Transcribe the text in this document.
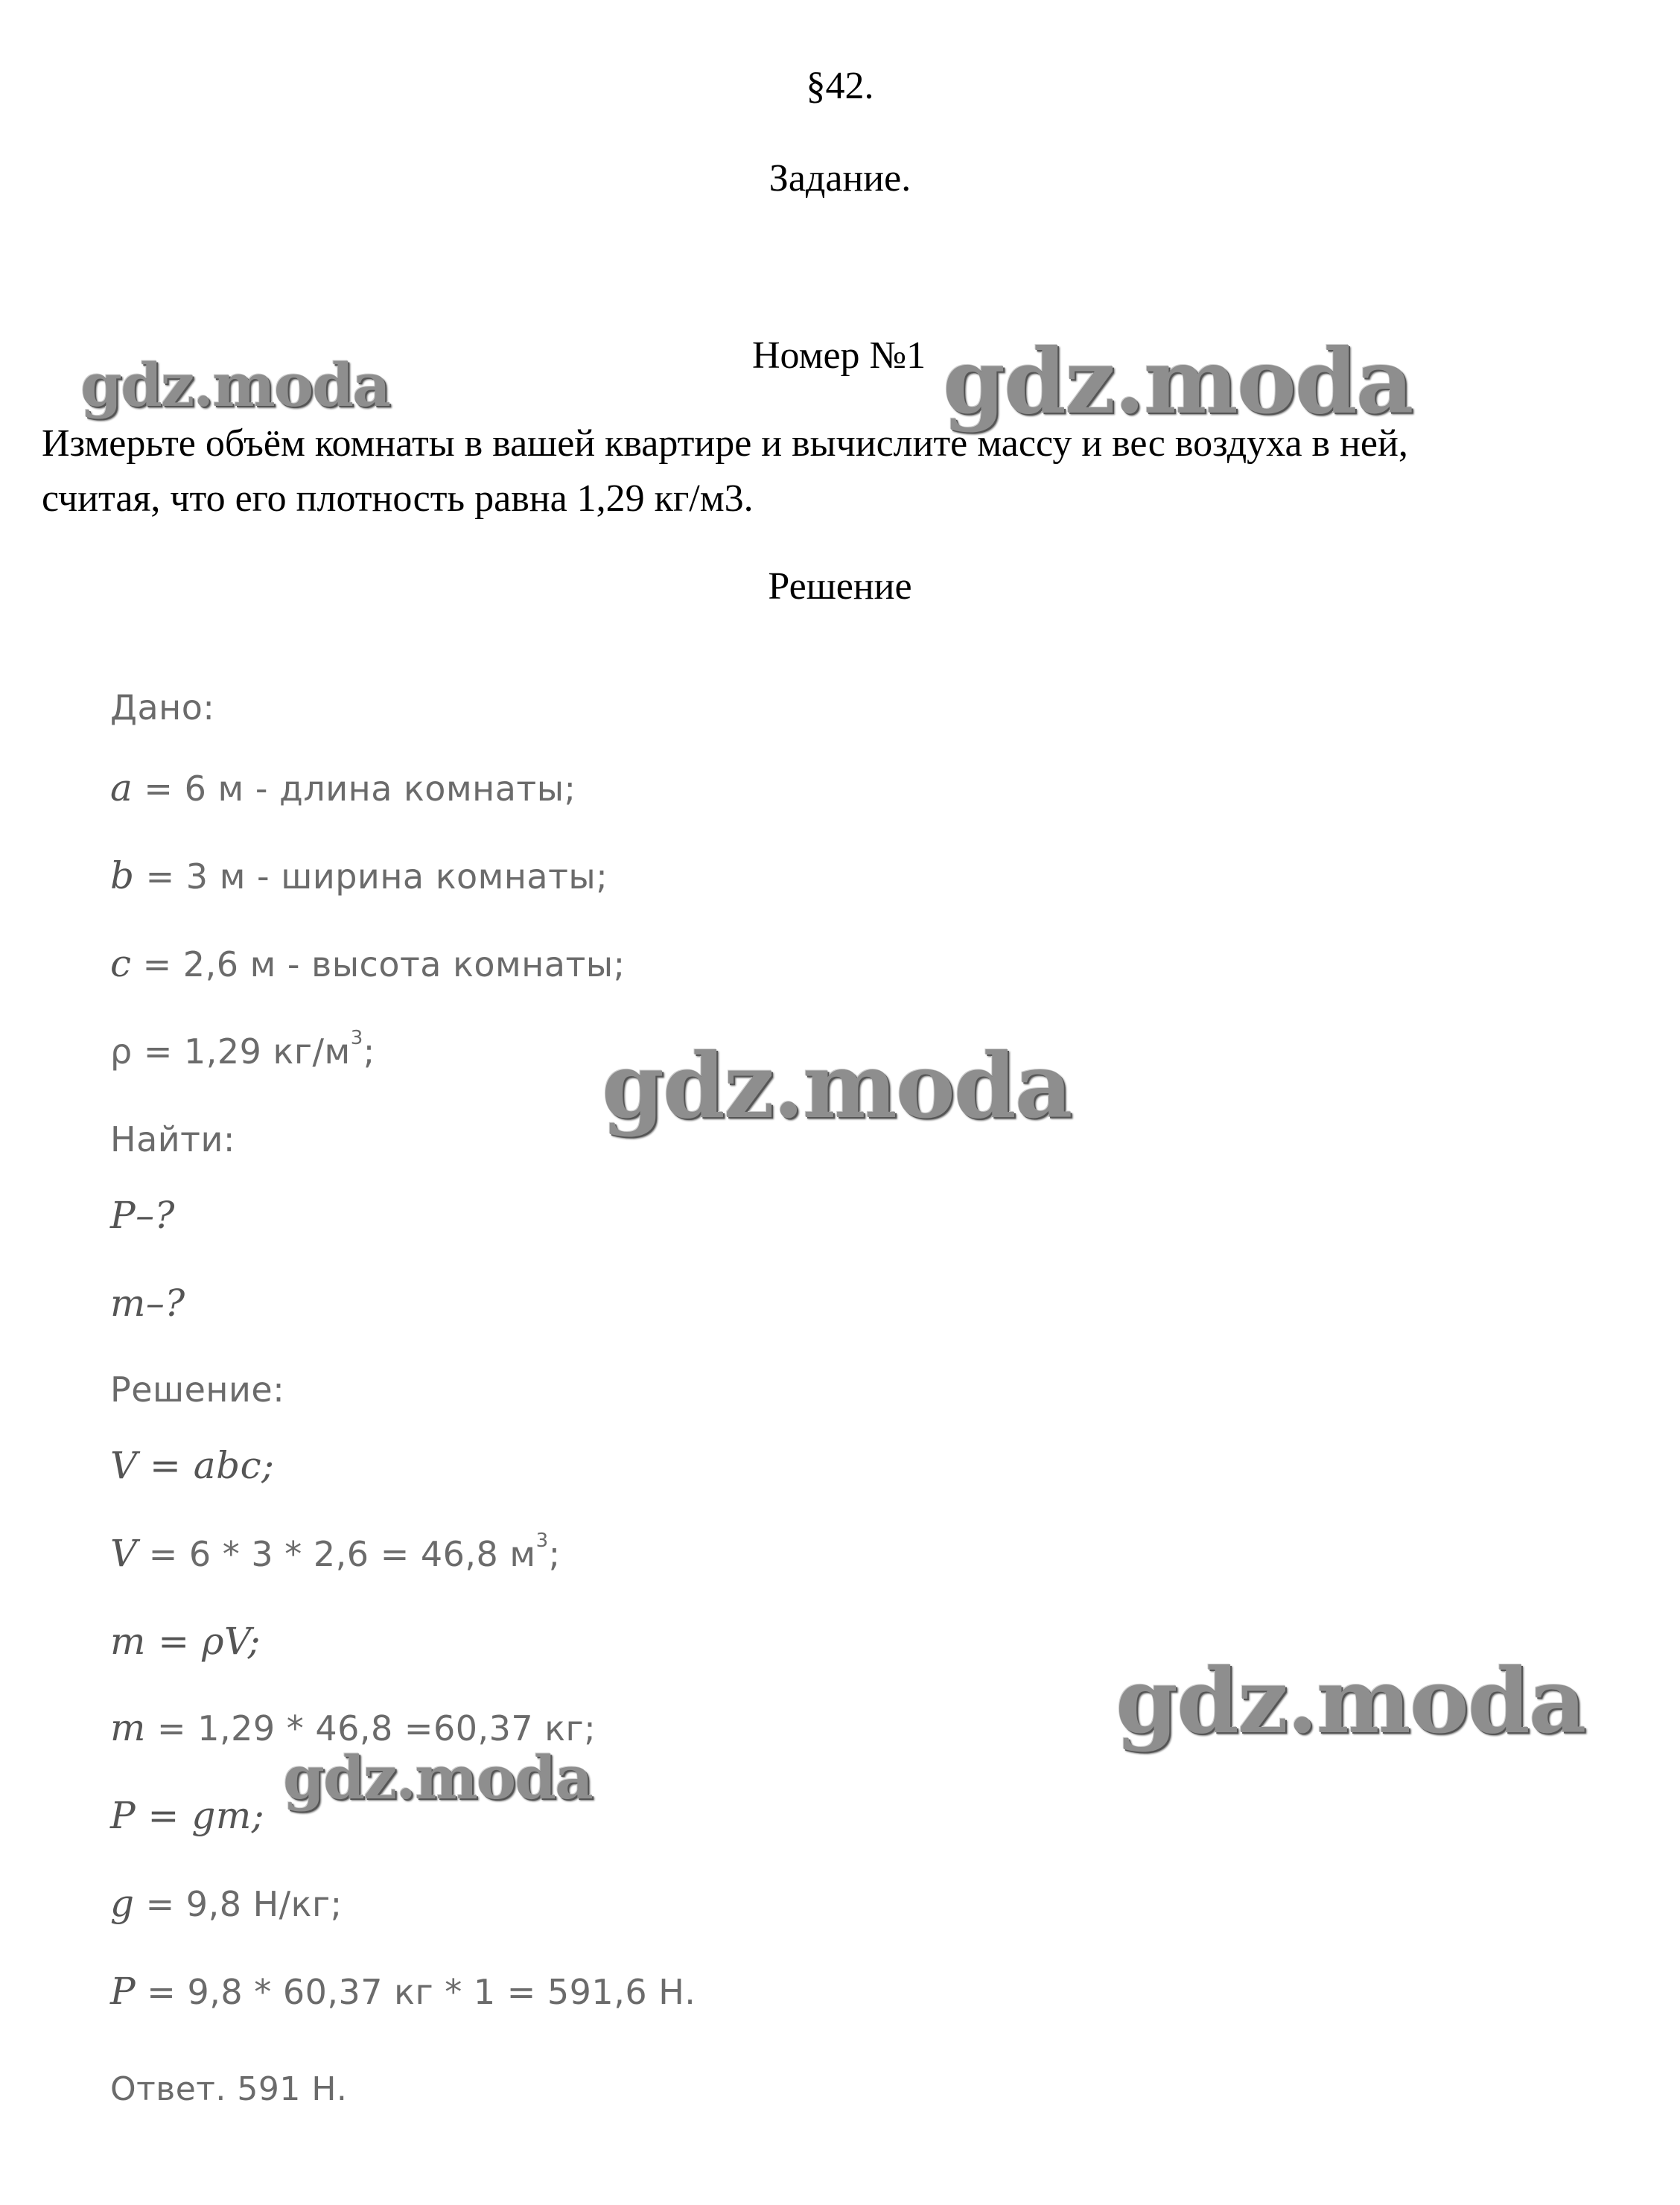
§42.
Задание.
Номер №1
Измерьте объём комнаты в вашей квартире и вычислите массу и вес воздуха в ней,
считая, что его плотность равна 1,29 кг/м3.
Решение
Дано:
a = 6 м - длина комнаты;
b = 3 м - ширина комнаты;
c = 2,6 м - высота комнаты;
ρ = 1,29 $кг/м^3$;
Найти:
P–?
m–?
Решение:
V = abc;
V = 6 * 3 * 2,6 = 46,8 $м^3$;
m = ρV;
m = 1,29 * 46,8 =60,37 кг;
P = gm;
g = 9,8 Н/кг;
P = 9,8 * 60,37 кг * 1 = 591,6 Н.
Ответ. 591 Н.
gdz.moda	gdz.moda
gdz.moda
gdz.moda
gdz.moda
